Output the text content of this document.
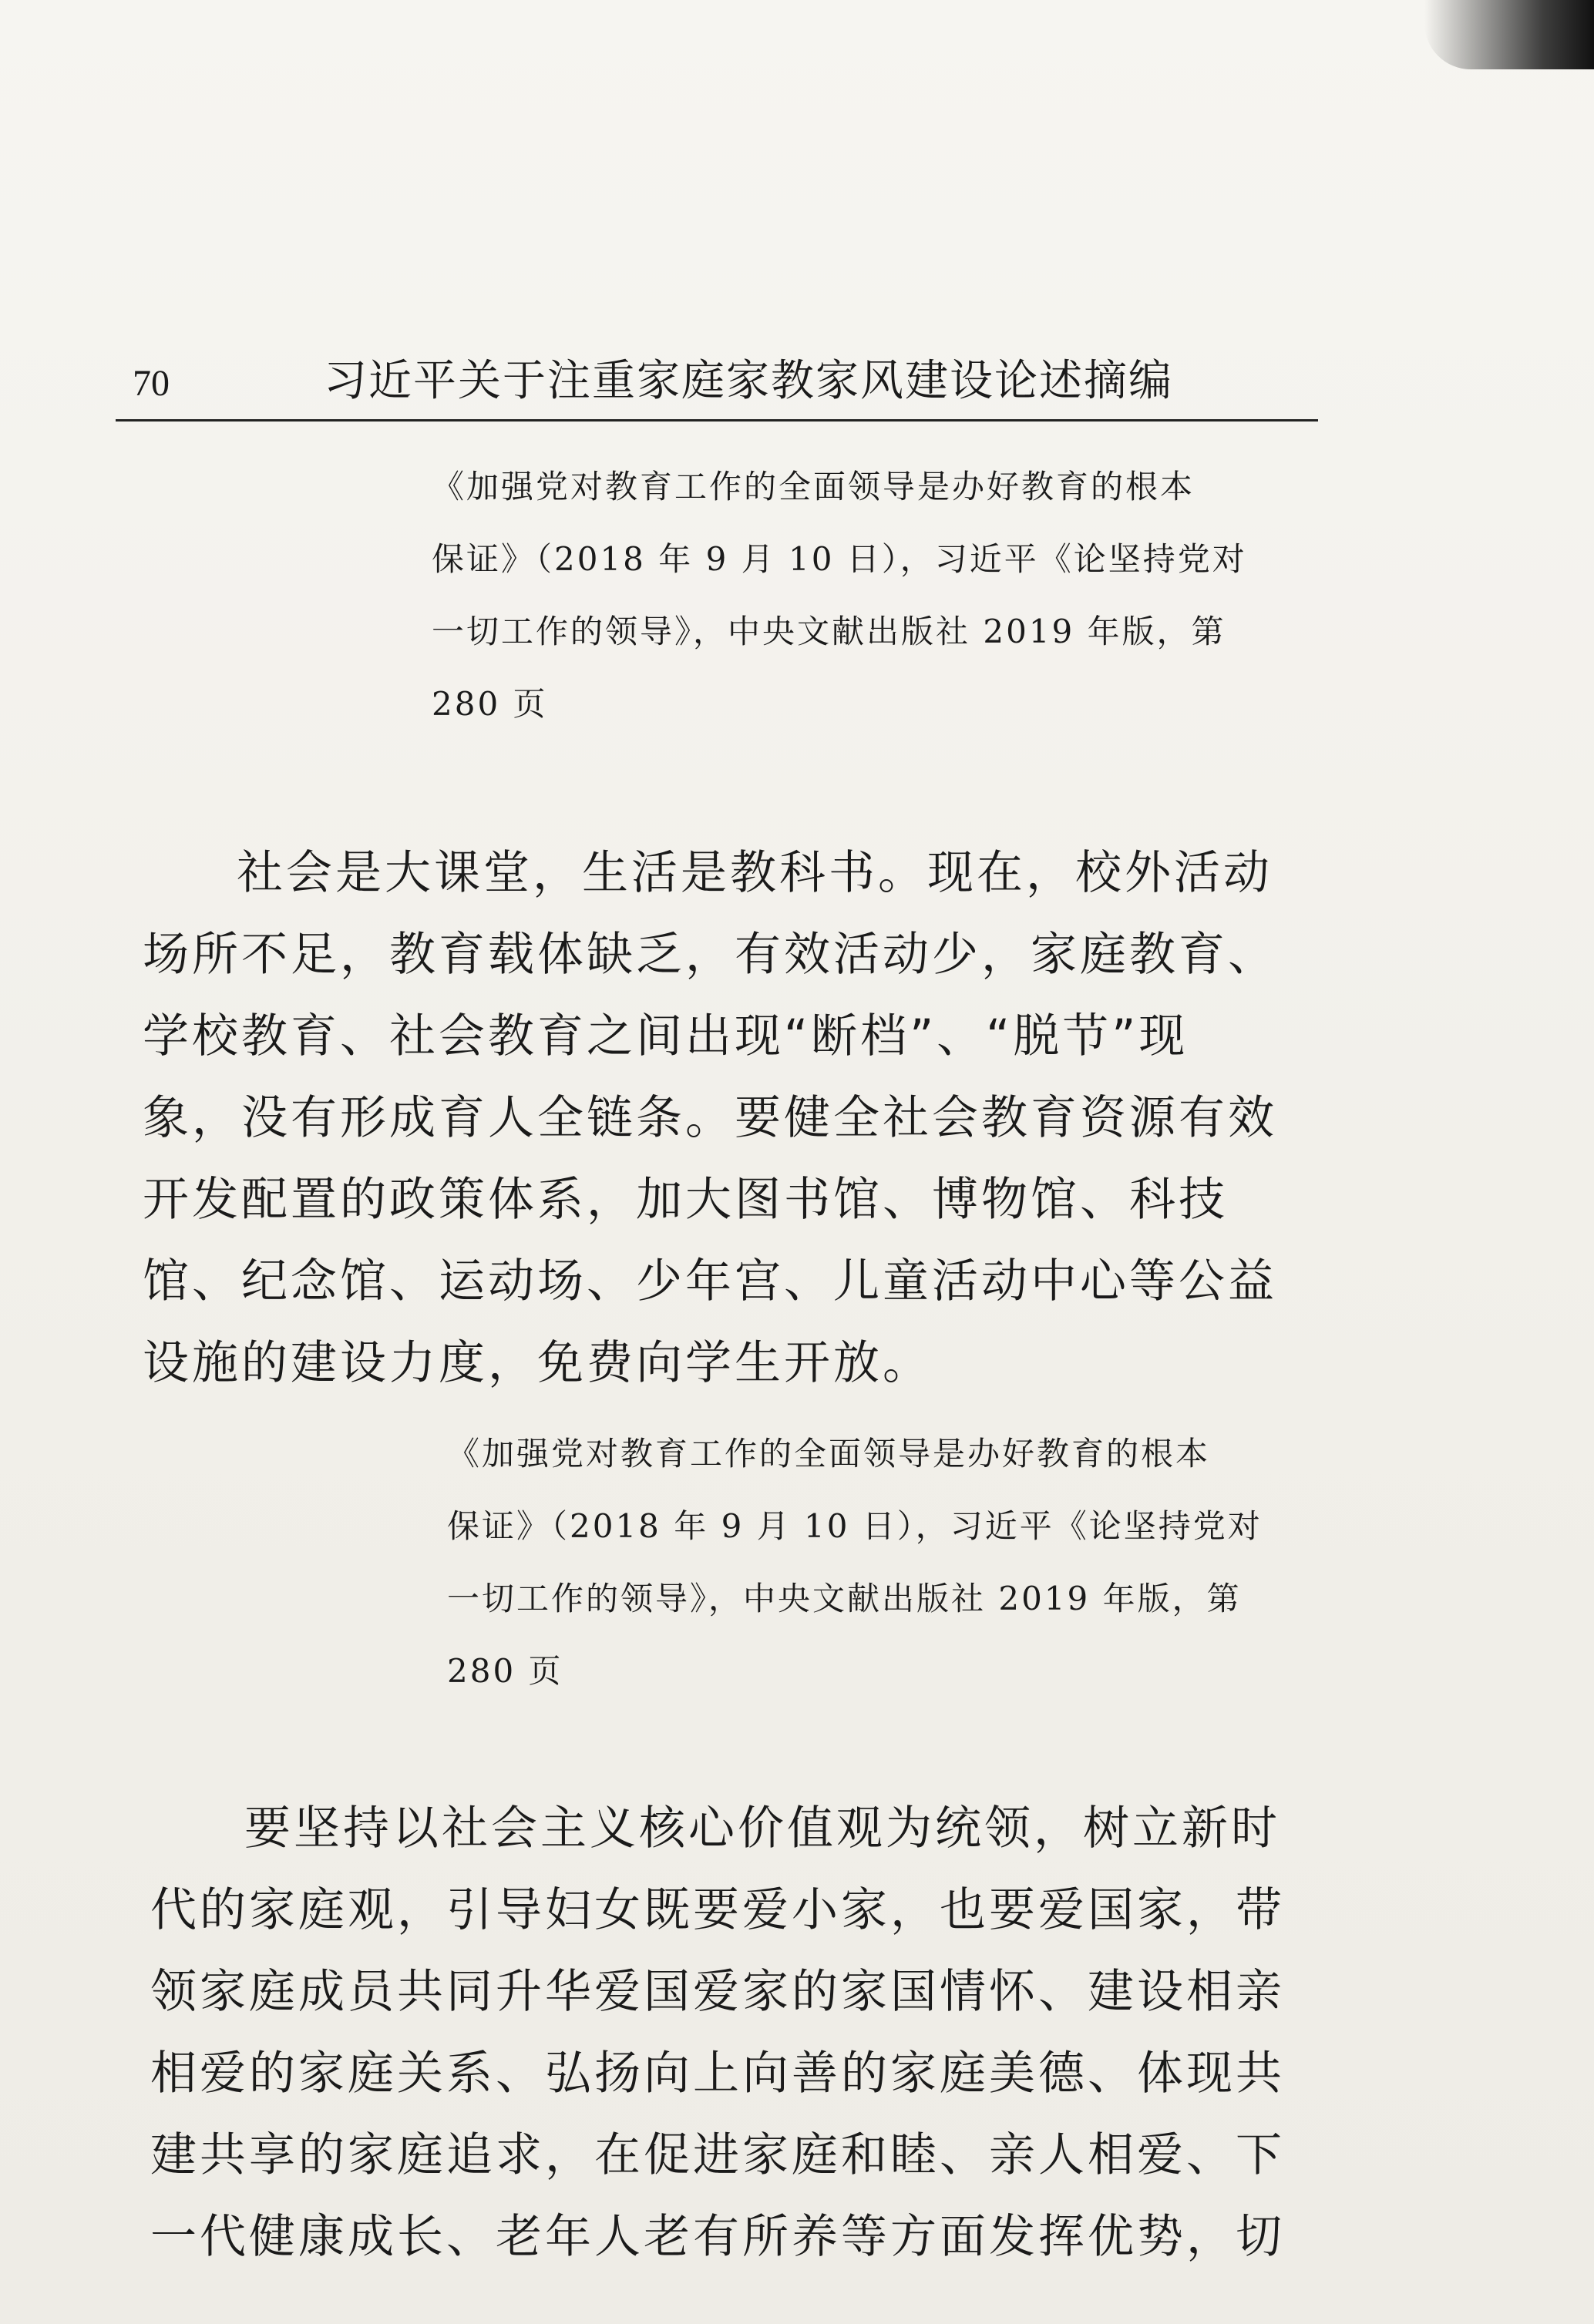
70	习近平关于注重家庭家教家风建设论述摘编
《加强党对教育工作的全面领导是办好教育的根本
保证》（2018 年 9 月 10 日），习近平《论坚持党对
一切工作的领导》，中央文献出版社 2019 年版，第
280 页
社会是大课堂，生活是教科书。现在，校外活动
场所不足，教育载体缺乏，有效活动少，家庭教育、
学校教育、社会教育之间出现“断档”、“脱节”现
象，没有形成育人全链条。要健全社会教育资源有效
开发配置的政策体系，加大图书馆、博物馆、科技
馆、纪念馆、运动场、少年宫、儿童活动中心等公益
设施的建设力度，免费向学生开放。
《加强党对教育工作的全面领导是办好教育的根本
保证》（2018 年 9 月 10 日），习近平《论坚持党对
一切工作的领导》，中央文献出版社 2019 年版，第
280 页
要坚持以社会主义核心价值观为统领，树立新时
代的家庭观，引导妇女既要爱小家，也要爱国家，带
领家庭成员共同升华爱国爱家的家国情怀、建设相亲
相爱的家庭关系、弘扬向上向善的家庭美德、体现共
建共享的家庭追求，在促进家庭和睦、亲人相爱、下
一代健康成长、老年人老有所养等方面发挥优势，切
